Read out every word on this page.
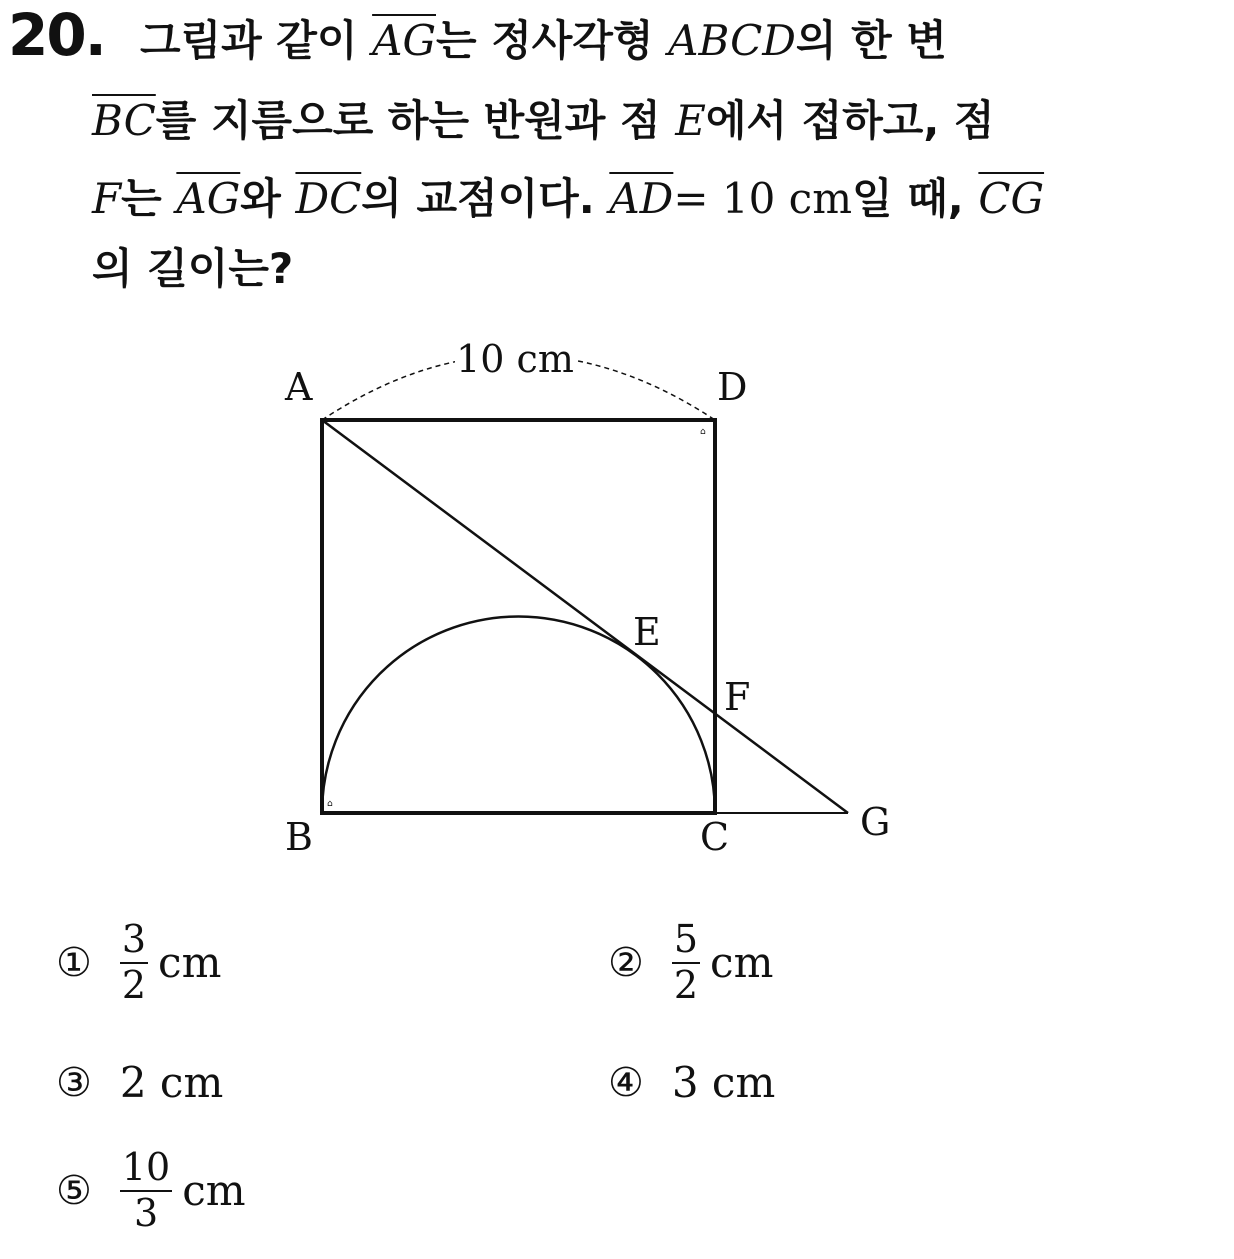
20. 그림과 같이 $\overline{AG}$는 정사각형 ABCD의 한 변
$\overline{BC}$를 지름으로 하는 반원과 점 E에서 접하고, 점
F는 $\overline{AG}$와 $\overline{DC}$의 교점이다. $\overline{AD}= 10$ cm일 때, $\overline{CG}$
의 길이는?
10 cm
⌂
⌂
A	D
B	C
E
F
G
① $\frac{3}{2}$ cm	② $\frac{5}{2}$ cm
③ 2 cm	④ 3 cm
⑤ $\frac{10}{3}$ cm
